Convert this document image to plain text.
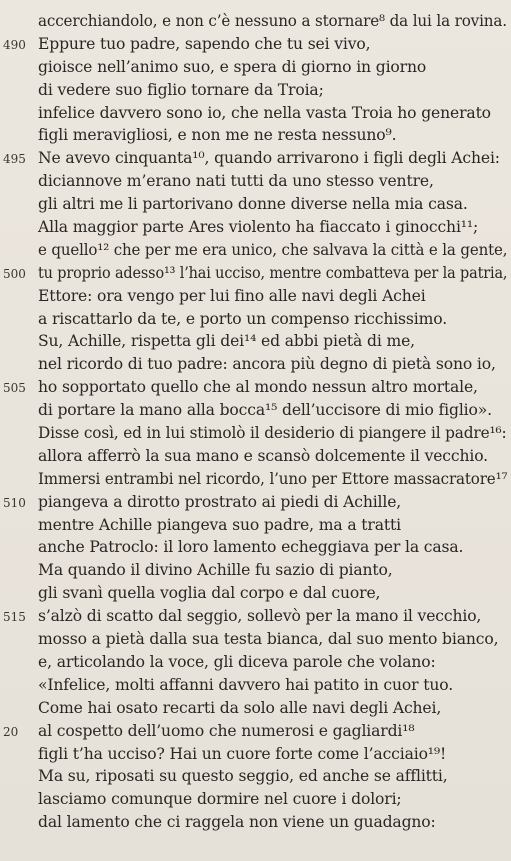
accerchiandolo, e non c’è nessuno a stornare⁸ da lui la rovina.
490 Eppure tuo padre, sapendo che tu sei vivo,
gioisce nell’animo suo, e spera di giorno in giorno
di vedere suo figlio tornare da Troia;
infelice davvero sono io, che nella vasta Troia ho generato
figli meravigliosi, e non me ne resta nessuno⁹.
495 Ne avevo cinquanta¹⁰, quando arrivarono i figli degli Achei:
diciannove m’erano nati tutti da uno stesso ventre,
gli altri me li partorivano donne diverse nella mia casa.
Alla maggior parte Ares violento ha fiaccato i ginocchi¹¹;
e quello¹² che per me era unico, che salvava la città e la gente,
500 tu proprio adesso¹³ l’hai ucciso, mentre combatteva per la patria,
Ettore: ora vengo per lui fino alle navi degli Achei
a riscattarlo da te, e porto un compenso ricchissimo.
Su, Achille, rispetta gli dei¹⁴ ed abbi pietà di me,
nel ricordo di tuo padre: ancora più degno di pietà sono io,
505 ho sopportato quello che al mondo nessun altro mortale,
di portare la mano alla bocca¹⁵ dell’uccisore di mio figlio».
Disse così, ed in lui stimolò il desiderio di piangere il padre¹⁶:
allora afferrò la sua mano e scansò dolcemente il vecchio.
Immersi entrambi nel ricordo, l’uno per Ettore massacratore¹⁷
510 piangeva a dirotto prostrato ai piedi di Achille,
mentre Achille piangeva suo padre, ma a tratti
anche Patroclo: il loro lamento echeggiava per la casa.
Ma quando il divino Achille fu sazio di pianto,
gli svanì quella voglia dal corpo e dal cuore,
515 s’alzò di scatto dal seggio, sollevò per la mano il vecchio,
mosso a pietà dalla sua testa bianca, dal suo mento bianco,
e, articolando la voce, gli diceva parole che volano:
«Infelice, molti affanni davvero hai patito in cuor tuo.
Come hai osato recarti da solo alle navi degli Achei,
20 al cospetto dell’uomo che numerosi e gagliardi¹⁸
figli t’ha ucciso? Hai un cuore forte come l’acciaio¹⁹!
Ma su, riposati su questo seggio, ed anche se afflitti,
lasciamo comunque dormire nel cuore i dolori;
dal lamento che ci raggela non viene un guadagno:
